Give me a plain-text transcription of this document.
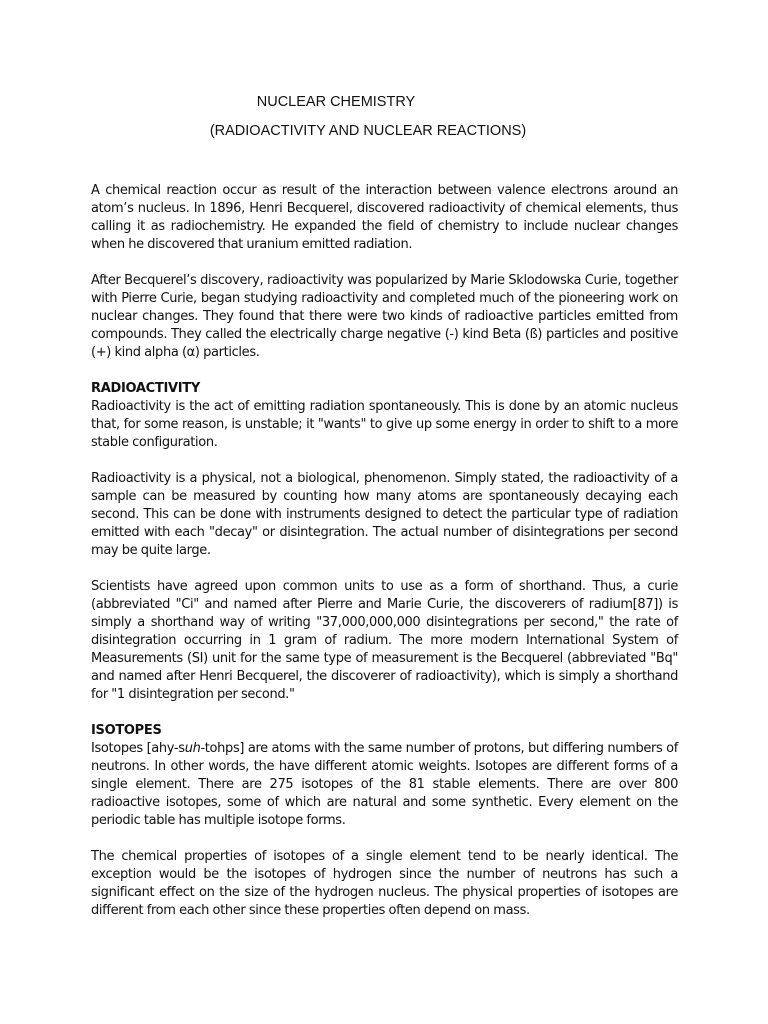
NUCLEAR CHEMISTRY
(RADIOACTIVITY AND NUCLEAR REACTIONS)

A chemical reaction occur as result of the interaction between valence electrons around an atom’s nucleus. In 1896, Henri Becquerel, discovered radioactivity of chemical elements, thus calling it as radiochemistry. He expanded the field of chemistry to include nuclear changes when he discovered that uranium emitted radiation.

After Becquerel’s discovery, radioactivity was popularized by Marie Sklodowska Curie, together with Pierre Curie, began studying radioactivity and completed much of the pioneering work on nuclear changes. They found that there were two kinds of radioactive particles emitted from compounds. They called the electrically charge negative (-) kind Beta (ß) particles and positive (+) kind alpha (α) particles.

RADIOACTIVITY

Radioactivity is the act of emitting radiation spontaneously. This is done by an atomic nucleus that, for some reason, is unstable; it "wants" to give up some energy in order to shift to a more stable configuration.

Radioactivity is a physical, not a biological, phenomenon. Simply stated, the radioactivity of a sample can be measured by counting how many atoms are spontaneously decaying each second. This can be done with instruments designed to detect the particular type of radiation emitted with each "decay" or disintegration. The actual number of disintegrations per second may be quite large.

Scientists have agreed upon common units to use as a form of shorthand. Thus, a curie (abbreviated "Ci" and named after Pierre and Marie Curie, the discoverers of radium[87]) is simply a shorthand way of writing "37,000,000,000 disintegrations per second," the rate of disintegration occurring in 1 gram of radium. The more modern International System of Measurements (SI) unit for the same type of measurement is the Becquerel (abbreviated "Bq" and named after Henri Becquerel, the discoverer of radioactivity), which is simply a shorthand for "1 disintegration per second."

ISOTOPES

Isotopes [ahy-suh-tohps] are atoms with the same number of protons, but differing numbers of neutrons. In other words, the have different atomic weights. Isotopes are different forms of a single element. There are 275 isotopes of the 81 stable elements. There are over 800 radioactive isotopes, some of which are natural and some synthetic. Every element on the periodic table has multiple isotope forms.

The chemical properties of isotopes of a single element tend to be nearly identical. The exception would be the isotopes of hydrogen since the number of neutrons has such a significant effect on the size of the hydrogen nucleus. The physical properties of isotopes are different from each other since these properties often depend on mass.
